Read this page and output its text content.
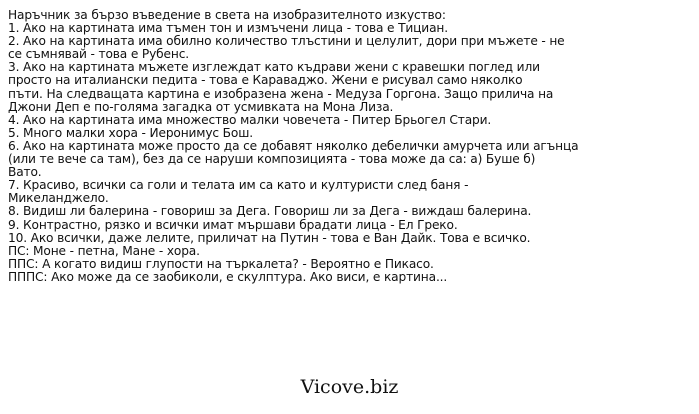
Наръчник за бързо въведение в света на изобразителното изкуство:
1. Ако на картината има тъмен тон и измъчени лица - това е Тициан.
2. Ако на картината има обилно количество тлъстини и целулит, дори при мъжете - не
се съмнявай - това е Рубенс.
3. Ако на картината мъжете изглеждат като къдрави жени с кравешки поглед или
просто на италиански педита - това е Караваджо. Жени е рисувал само няколко
пъти. На следващата картина е изобразена жена - Медуза Горгона. Защо прилича на
Джони Деп е по-голяма загадка от усмивката на Мона Лиза.
4. Ако на картината има множество малки човечета - Питер Брьогел Стари.
5. Много малки хора - Иеронимус Бош.
6. Ако на картината може просто да се добавят няколко дебелички амурчета или агънца
(или те вече са там), без да се наруши композицията - това може да са: а) Буше б)
Вато.
7. Красиво, всички са голи и телата им са като и културисти след баня -
Микеланджело.
8. Видиш ли балерина - говориш за Дега. Говориш ли за Дега - виждаш балерина.
9. Контрастно, рязко и всички имат мършави брадати лица - Ел Греко.
10. Ако всички, даже лелите, приличат на Путин - това е Ван Дайк. Това е всичко.
ПС: Моне - петна, Мане - хора.
ППС: А когато видиш глупости на търкалета? - Вероятно е Пикасо.
ПППС: Ако може да се заобиколи, е скулптура. Ако виси, е картина...
Vicove.biz
